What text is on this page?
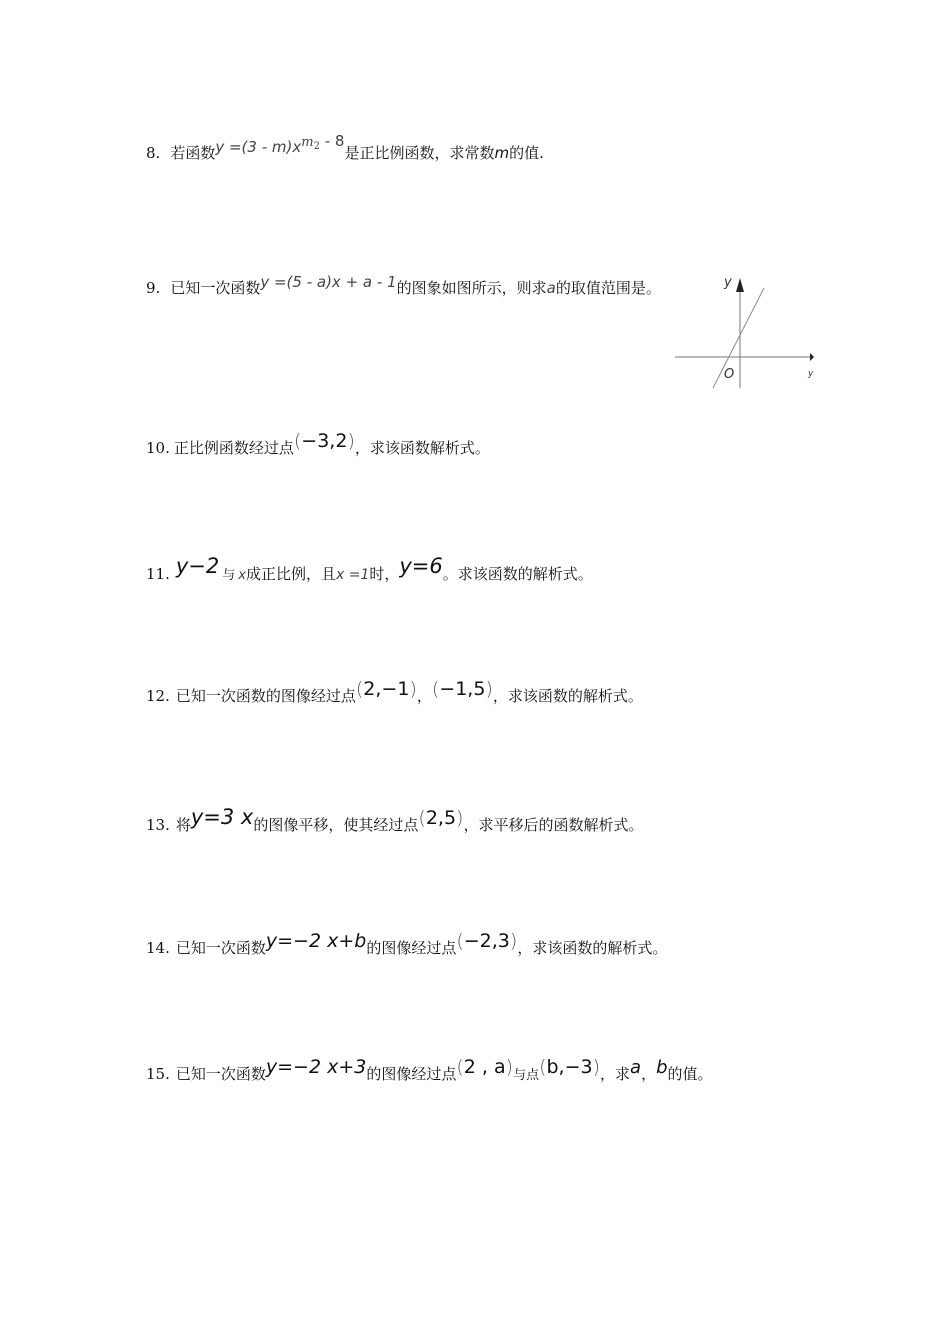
8. 若函数$y =(3 - m)xm^2 - 8$是正比例函数，求常数m的值.
9. 已知一次函数y =(5 - a)x + a - 1的图象如图所示，则求a的取值范围是。	y
y
O
10. 正比例函数经过点(−3,2)，求该函数解析式。
11. y−2 与 x成正比例，且x =1时，y=6。求该函数的解析式。
12. 已知一次函数的图像经过点(2,−1)，(−1,5)，求该函数的解析式。
13. 将y=3 x的图像平移，使其经过点(2,5)，求平移后的函数解析式。
14. 已知一次函数y=−2 x+b的图像经过点(−2,3)，求该函数的解析式。
15. 已知一次函数y=−2 x+3的图像经过点(2 , a)与点(b,−3)，求a，b的值。
